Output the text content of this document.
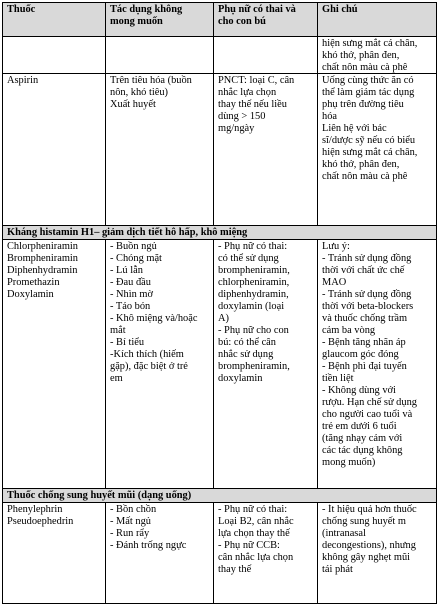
Thuốc	Tác dụng không mong muốn
Phụ nữ có thai và cho con bú
Ghi chú
hiện sưng mắt cá chân,
khó thở, phân đen,
chất nôn màu cà phê
Aspirin	Trên tiêu hóa (buồn
nôn, khó tiêu)
Xuất huyết
PNCT: loại C, cân
nhắc lựa chọn
thay thế nếu liều
dùng > 150
mg/ngày
Uống cùng thức ăn có
thể làm giảm tác dụng
phụ trên đường tiêu
hóa
Liên hệ với bác
sĩ/dược sỹ nếu có biểu
hiện sưng mắt cá chân,
khó thở, phân đen,
chất nôn màu cà phê
Kháng histamin H1– giảm dịch tiết hô hấp, khô miệng
Chlorpheniramin
Brompheniramin
Diphenhydramin
Promethazin
Doxylamin
- Buồn ngủ
- Chóng mặt
- Lú lẫn
- Đau đầu
- Nhìn mờ
- Táo bón
- Khô miệng và/hoặc
mắt
- Bí tiểu
-Kích thích (hiếm
gặp), đặc biệt ở trẻ
em
- Phụ nữ có thai:
có thể sử dụng
brompheniramin,
chlorpheniramin,
diphenhydramin,
doxylamin (loại
A)
- Phụ nữ cho con
bú: có thể cân
nhắc sử dụng
brompheniramin,
doxylamin
Lưu ý:
- Tránh sử dụng đồng
thời với chất ức chế
MAO
- Tránh sử dụng đồng
thời với beta-blockers
và thuốc chống trầm
cảm ba vòng
- Bệnh tăng nhãn áp
glaucom góc đóng
- Bệnh phì đại tuyến
tiền liệt
- Không dùng với
rượu. Hạn chế sử dụng
cho người cao tuổi và
trẻ em dưới 6 tuổi
(tăng nhạy cảm với
các tác dụng không
mong muốn)
Thuốc chống sung huyết mũi (dạng uống)
Phenylephrin
Pseudoephedrin
- Bồn chồn
- Mất ngủ
- Run rẩy
- Đánh trống ngực
- Phụ nữ có thai:
Loại B2, cân nhắc
lựa chọn thay thế
- Phụ nữ CCB:
cân nhắc lựa chọn
thay thế
- Ít hiệu quả hơn thuốc
chống sung huyết m
(intranasal
decongestions), nhưng
không gây nghẹt mũi
tái phát
